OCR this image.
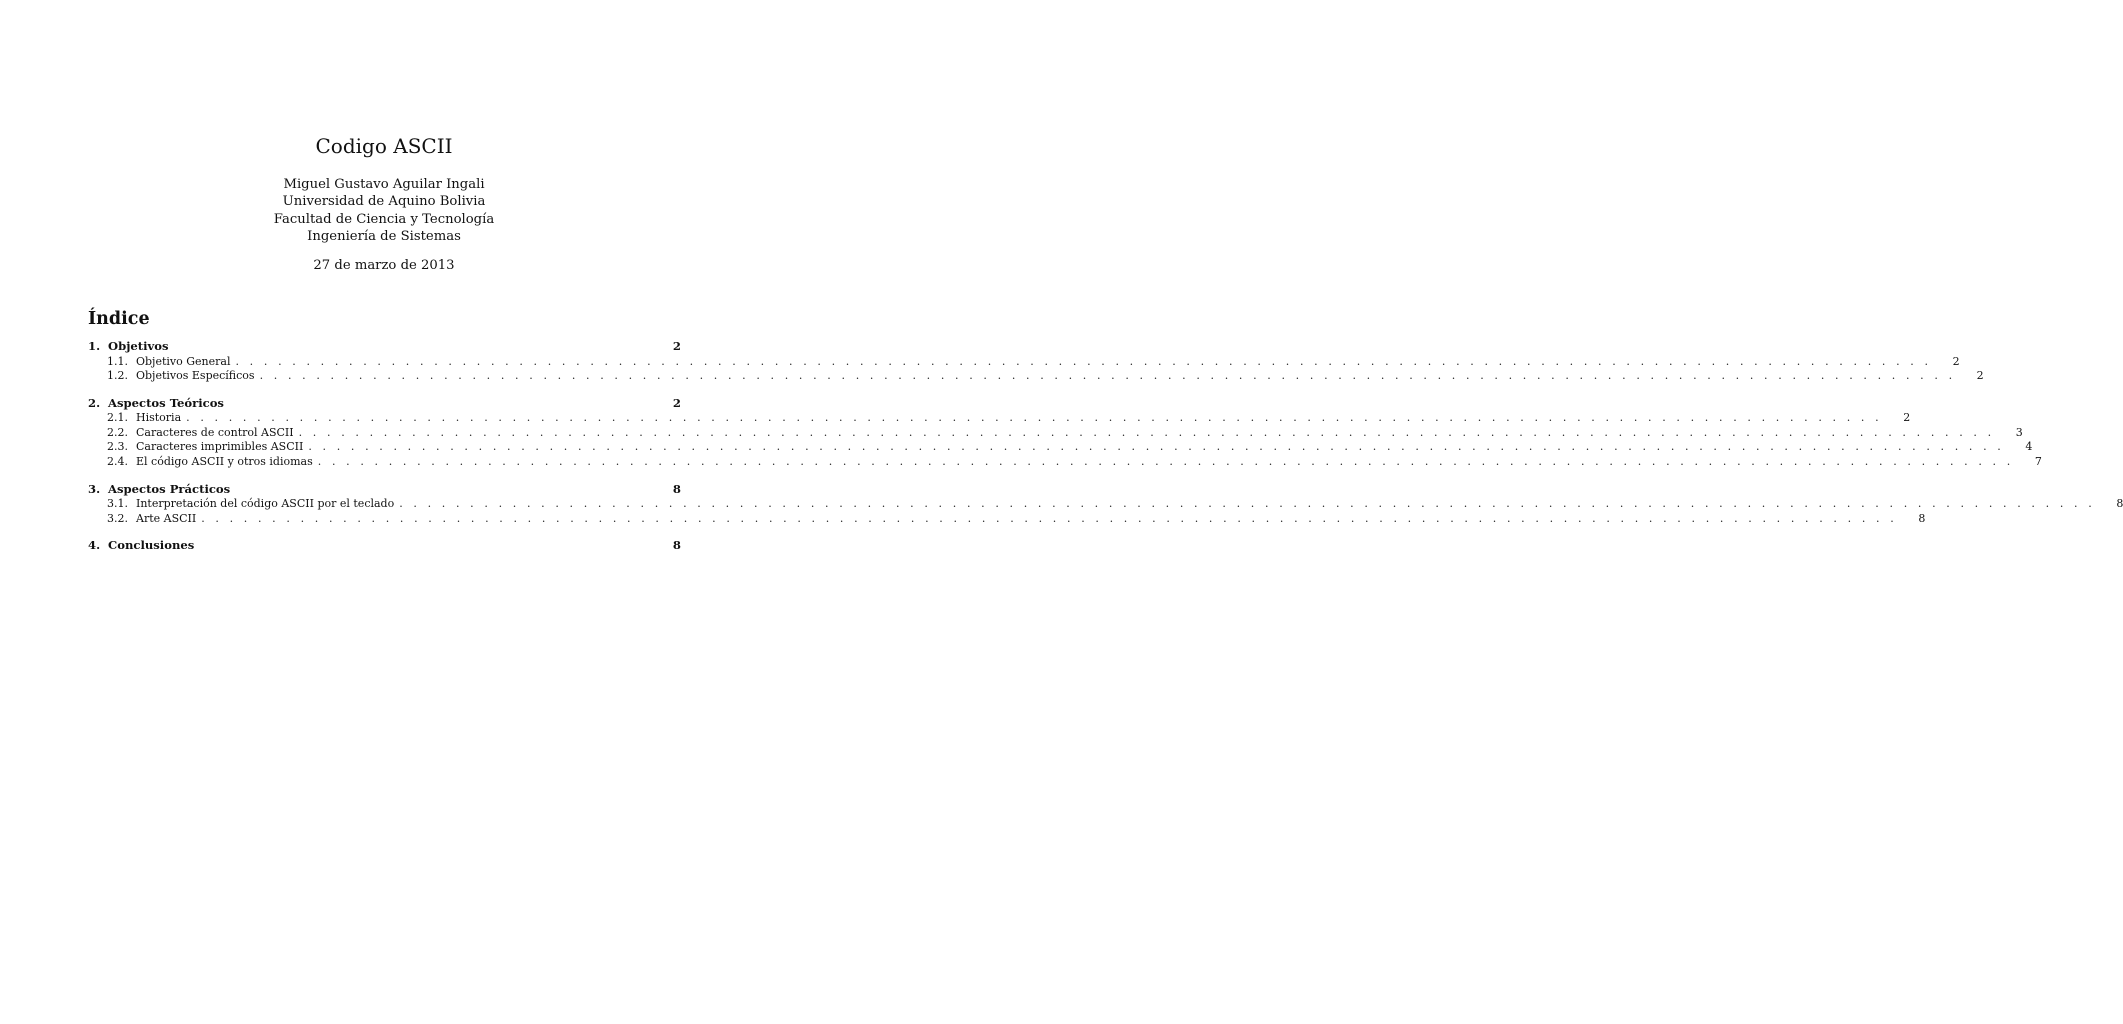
Codigo ASCII
Miguel Gustavo Aguilar Ingali
Universidad de Aquino Bolivia
Facultad de Ciencia y Tecnología
Ingeniería de Sistemas
27 de marzo de 2013
Índice
1. Objetivos	2
1.1. Objetivo General . . . . . . . . . . . . . . . . . . . . . . . . . . . . . . . . . . . . . . . . . . . . . . . . . . . . . . . . . . . . . . . . . . . . . . . . . . . . . . . . . . . . . . . . . . . . . . . . . . . . . . . . . . . . . . . . . . . . . . . .	2
1.2. Objetivos Específicos . . . . . . . . . . . . . . . . . . . . . . . . . . . . . . . . . . . . . . . . . . . . . . . . . . . . . . . . . . . . . . . . . . . . . . . . . . . . . . . . . . . . . . . . . . . . . . . . . . . . . . . . . . . . . . . . . . . . . . . .	2
2. Aspectos Teóricos	2
2.1. Historia . . . . . . . . . . . . . . . . . . . . . . . . . . . . . . . . . . . . . . . . . . . . . . . . . . . . . . . . . . . . . . . . . . . . . . . . . . . . . . . . . . . . . . . . . . . . . . . . . . . . . . . . . . . . . . . . . . . . . . . .	2
2.2. Caracteres de control ASCII . . . . . . . . . . . . . . . . . . . . . . . . . . . . . . . . . . . . . . . . . . . . . . . . . . . . . . . . . . . . . . . . . . . . . . . . . . . . . . . . . . . . . . . . . . . . . . . . . . . . . . . . . . . . . . . . . . . . . . . .	3
2.3. Caracteres imprimibles ASCII . . . . . . . . . . . . . . . . . . . . . . . . . . . . . . . . . . . . . . . . . . . . . . . . . . . . . . . . . . . . . . . . . . . . . . . . . . . . . . . . . . . . . . . . . . . . . . . . . . . . . . . . . . . . . . . . . . . . . . . .	4
2.4. El código ASCII y otros idiomas . . . . . . . . . . . . . . . . . . . . . . . . . . . . . . . . . . . . . . . . . . . . . . . . . . . . . . . . . . . . . . . . . . . . . . . . . . . . . . . . . . . . . . . . . . . . . . . . . . . . . . . . . . . . . . . . . . . . . . . .	7
3. Aspectos Prácticos	8
3.1. Interpretación del código ASCII por el teclado . . . . . . . . . . . . . . . . . . . . . . . . . . . . . . . . . . . . . . . . . . . . . . . . . . . . . . . . . . . . . . . . . . . . . . . . . . . . . . . . . . . . . . . . . . . . . . . . . . . . . . . . . . . . . . . . . . . . . . . .	8
3.2. Arte ASCII . . . . . . . . . . . . . . . . . . . . . . . . . . . . . . . . . . . . . . . . . . . . . . . . . . . . . . . . . . . . . . . . . . . . . . . . . . . . . . . . . . . . . . . . . . . . . . . . . . . . . . . . . . . . . . . . . . . . . . . .	8
4. Conclusiones	8
